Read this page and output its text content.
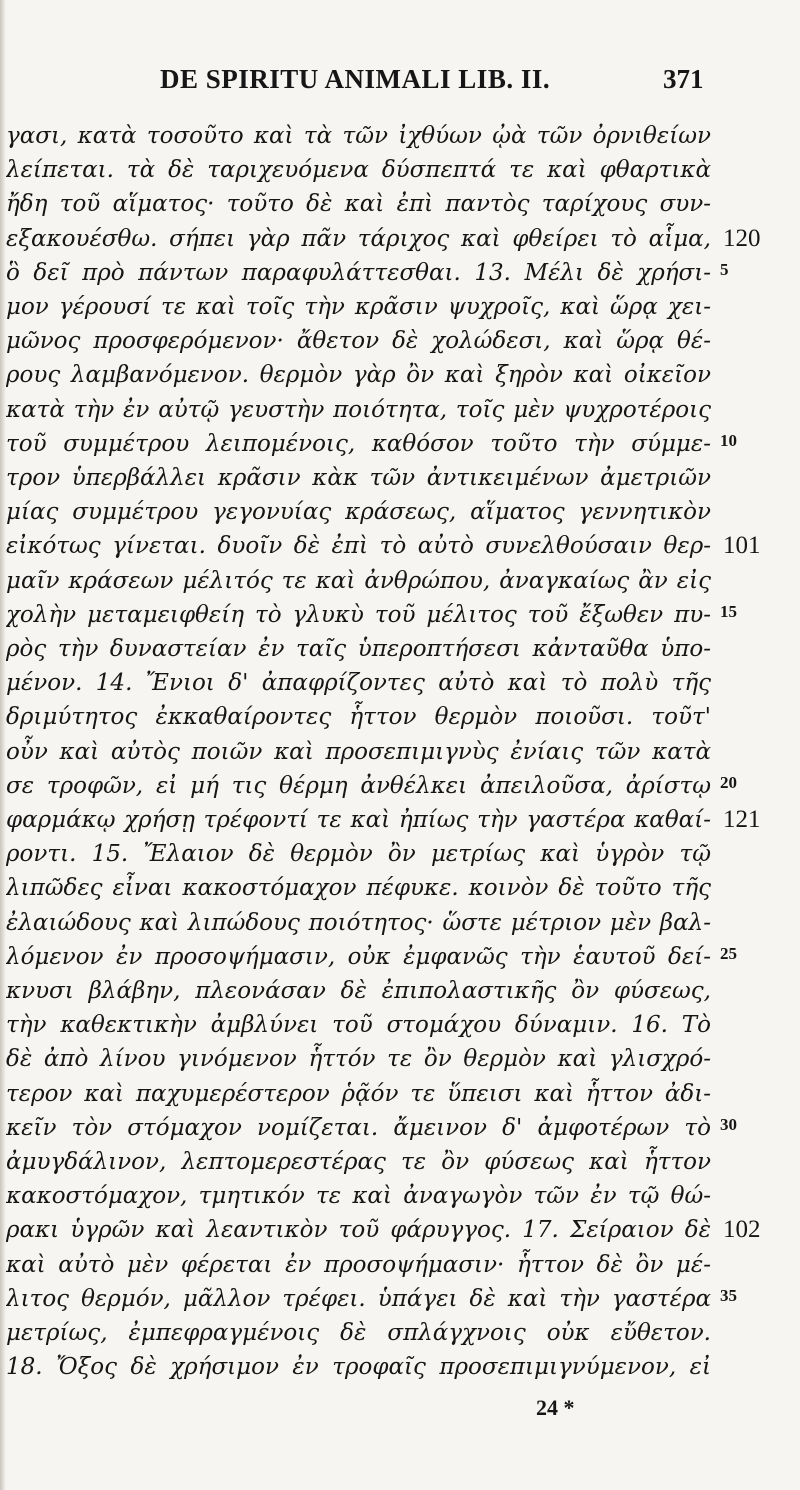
DE SPIRITU ANIMALI LIB. II.	371
γασι, κατὰ τοσοῦτο καὶ τὰ τῶν ἰχθύων ᾠὰ τῶν ὀρνιθείων
λείπεται. τὰ δὲ ταριχευόμενα δύσπεπτά τε καὶ φθαρτικὰ
ἤδη τοῦ αἵματος· τοῦτο δὲ καὶ ἐπὶ παντὸς ταρίχους συν-
εξακουέσθω. σήπει γὰρ πᾶν τάριχος καὶ φθείρει τὸ αἷμα, 120
ὃ δεῖ πρὸ πάντων παραφυλάττεσθαι. 13. Μέλι δὲ χρήσι- 5
μον γέρουσί τε καὶ τοῖς τὴν κρᾶσιν ψυχροῖς, καὶ ὥρᾳ χει-
μῶνος προσφερόμενον· ἄθετον δὲ χολώδεσι, καὶ ὥρᾳ θέ-
ρους λαμβανόμενον. θερμὸν γὰρ ὂν καὶ ξηρὸν καὶ οἰκεῖον
κατὰ τὴν ἐν αὐτῷ γευστὴν ποιότητα, τοῖς μὲν ψυχροτέροις
τοῦ συμμέτρου λειπομένοις, καθόσον τοῦτο τὴν σύμμε- 10
τρον ὑπερβάλλει κρᾶσιν κὰκ τῶν ἀντικειμένων ἀμετριῶν
μίας συμμέτρου γεγονυίας κράσεως, αἵματος γεννητικὸν
εἰκότως γίνεται. δυοῖν δὲ ἐπὶ τὸ αὐτὸ συνελθούσαιν θερ- 101
μαῖν κράσεων μέλιτός τε καὶ ἀνθρώπου, ἀναγκαίως ἂν εἰς
χολὴν μεταμειφθείη τὸ γλυκὺ τοῦ μέλιτος τοῦ ἔξωθεν πυ- 15
ρὸς τὴν δυναστείαν ἐν ταῖς ὑπεροπτήσεσι κἀνταῦθα ὑπο-
μένον. 14. Ἔνιοι δ' ἀπαφρίζοντες αὐτὸ καὶ τὸ πολὺ τῆς
δριμύτητος ἐκκαθαίροντες ἧττον θερμὸν ποιοῦσι. τοῦτ'
οὖν καὶ αὐτὸς ποιῶν καὶ προσεπιμιγνὺς ἐνίαις τῶν κατὰ
σε τροφῶν, εἰ μή τις θέρμη ἀνθέλκει ἀπειλοῦσα, ἀρίστῳ 20
φαρμάκῳ χρήσῃ τρέφοντί τε καὶ ἠπίως τὴν γαστέρα καθαί- 121
ροντι. 15. Ἔλαιον δὲ θερμὸν ὂν μετρίως καὶ ὑγρὸν τῷ
λιπῶδες εἶναι κακοστόμαχον πέφυκε. κοινὸν δὲ τοῦτο τῆς
ἐλαιώδους καὶ λιπώδους ποιότητος· ὥστε μέτριον μὲν βαλ-
λόμενον ἐν προσοψήμασιν, οὐκ ἐμφανῶς τὴν ἑαυτοῦ δεί- 25
κνυσι βλάβην, πλεονάσαν δὲ ἐπιπολαστικῆς ὂν φύσεως,
τὴν καθεκτικὴν ἀμβλύνει τοῦ στομάχου δύναμιν. 16. Τὸ
δὲ ἀπὸ λίνου γινόμενον ἧττόν τε ὂν θερμὸν καὶ γλισχρό-
τερον καὶ παχυμερέστερον ῥᾷόν τε ὕπεισι καὶ ἧττον ἀδι-
κεῖν τὸν στόμαχον νομίζεται. ἄμεινον δ' ἀμφοτέρων τὸ 30
ἀμυγδάλινον, λεπτομερεστέρας τε ὂν φύσεως καὶ ἧττον
κακοστόμαχον, τμητικόν τε καὶ ἀναγωγὸν τῶν ἐν τῷ θώ-
ρακι ὑγρῶν καὶ λεαντικὸν τοῦ φάρυγγος. 17. Σείραιον δὲ 102
καὶ αὐτὸ μὲν φέρεται ἐν προσοψήμασιν· ἧττον δὲ ὂν μέ-
λιτος θερμόν, μᾶλλον τρέφει. ὑπάγει δὲ καὶ τὴν γαστέρα 35
μετρίως, ἐμπεφραγμένοις δὲ σπλάγχνοις οὐκ εὔθετον.
18. Ὄξος δὲ χρήσιμον ἐν τροφαῖς προσεπιμιγνύμενον, εἰ
24 *
